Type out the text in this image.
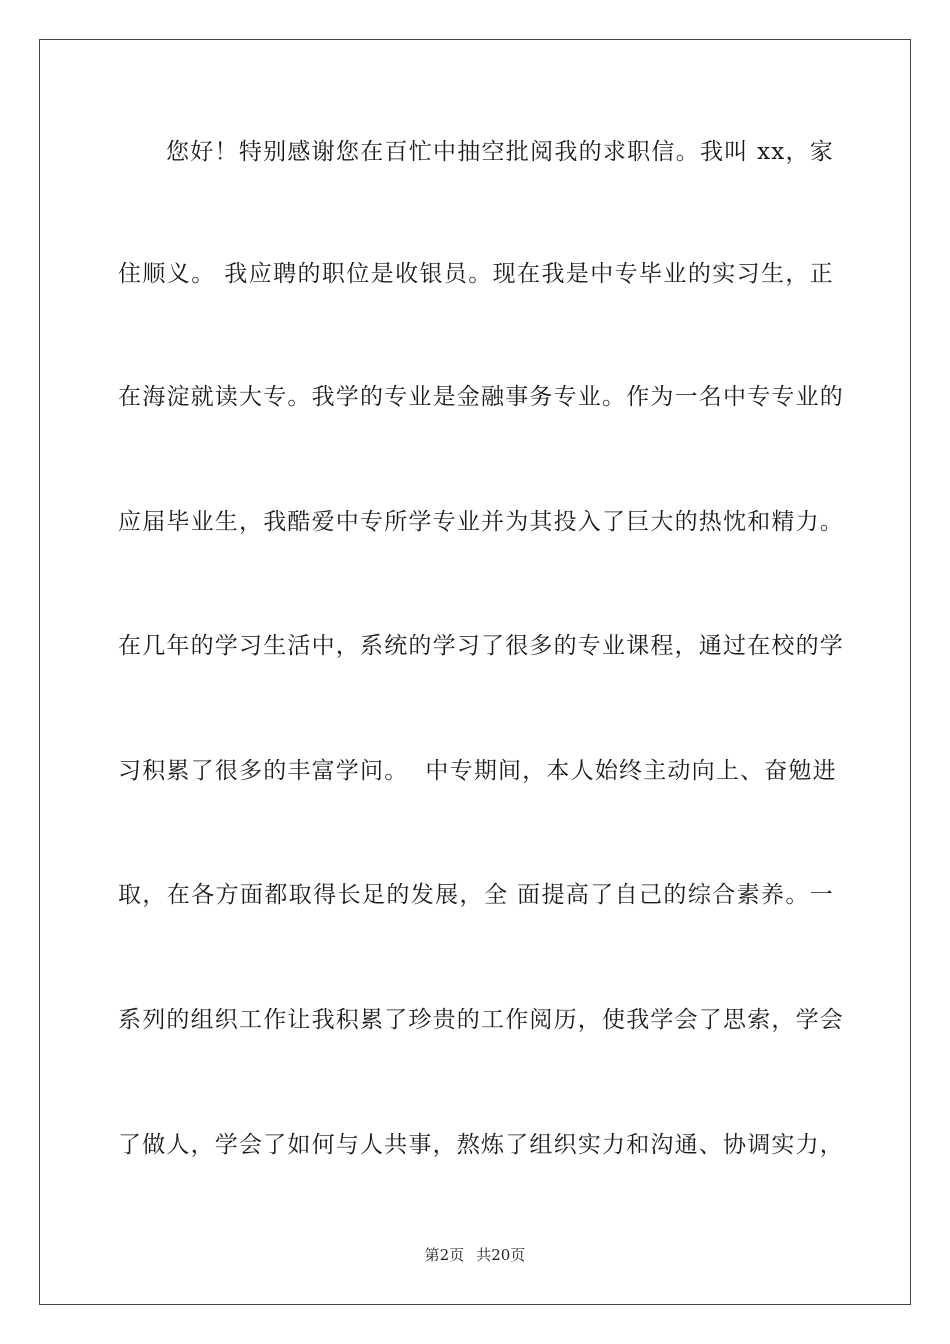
您好！特别感谢您在百忙中抽空批阅我的求职信。我叫 xx，家
住顺义。 我应聘的职位是收银员。现在我是中专毕业的实习生，正
在海淀就读大专。我学的专业是金融事务专业。作为一名中专专业的
应届毕业生，我酷爱中专所学专业并为其投入了巨大的热忱和精力。
在几年的学习生活中，系统的学习了很多的专业课程，通过在校的学
习积累了很多的丰富学问。  中专期间，本人始终主动向上、奋勉进
取，在各方面都取得长足的发展，全 面提高了自己的综合素养。一
系列的组织工作让我积累了珍贵的工作阅历，使我学会了思索，学会
了做人，学会了如何与人共事，熬炼了组织实力和沟通、协调实力，
第2页 共20页
